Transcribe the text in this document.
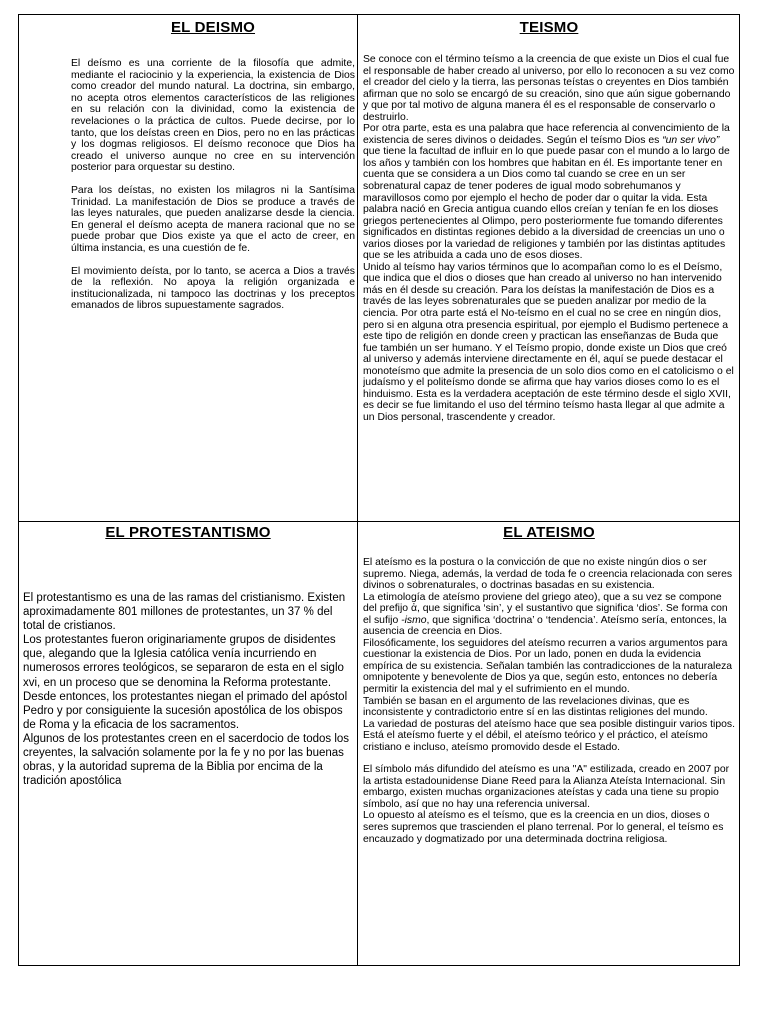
EL DEISMO

El deísmo es una corriente de la filosofía que admite, mediante el raciocinio y la experiencia, la existencia de Dios como creador del mundo natural. La doctrina, sin embargo, no acepta otros elementos característicos de las religiones en su relación con la divinidad, como la existencia de revelaciones o la práctica de cultos. Puede decirse, por lo tanto, que los deístas creen en Dios, pero no en las prácticas y los dogmas religiosos. El deísmo reconoce que Dios ha creado el universo aunque no cree en su intervención posterior para orquestar su destino.

Para los deístas, no existen los milagros ni la Santísima Trinidad. La manifestación de Dios se produce a través de las leyes naturales, que pueden analizarse desde la ciencia. En general el deísmo acepta de manera racional que no se puede probar que Dios existe ya que el acto de creer, en última instancia, es una cuestión de fe.

El movimiento deísta, por lo tanto, se acerca a Dios a través de la reflexión. No apoya la religión organizada e institucionalizada, ni tampoco las doctrinas y los preceptos emanados de libros supuestamente sagrados.

TEISMO

Se conoce con el término teísmo a la creencia de que existe un Dios el cual fue el responsable de haber creado al universo, por ello lo reconocen a su vez como el creador del cielo y la tierra, las personas teístas o creyentes en Dios también afirman que no solo se encargó de su creación, sino que aún sigue gobernando y que por tal motivo de alguna manera él es el responsable de conservarlo o destruirlo.

Por otra parte, esta es una palabra que hace referencia al convencimiento de la existencia de seres divinos o deidades. Según el teísmo Dios es “un ser vivo” que tiene la facultad de influir en lo que puede pasar con el mundo a lo largo de los años y también con los hombres que habitan en él. Es importante tener en cuenta que se considera a un Dios como tal cuando se cree en un ser sobrenatural capaz de tener poderes de igual modo sobrehumanos y maravillosos como por ejemplo el hecho de poder dar o quitar la vida. Esta palabra nació en Grecia antigua cuando ellos creían y tenían fe en los dioses griegos pertenecientes al Olimpo, pero posteriormente fue tomando diferentes significados en distintas regiones debido a la diversidad de creencias un uno o varios dioses por la variedad de religiones y también por las distintas aptitudes que se les atribuida a cada uno de esos dioses.

Unido al teísmo hay varios términos que lo acompañan como lo es el Deísmo, que indica que el dios o dioses que han creado al universo no han intervenido más en él desde su creación. Para los deístas la manifestación de Dios es a través de las leyes sobrenaturales que se pueden analizar por medio de la ciencia. Por otra parte está el No-teísmo en el cual no se cree en ningún dios, pero si en alguna otra presencia espiritual, por ejemplo el Budismo pertenece a este tipo de religión en donde creen y practican las enseñanzas de Buda que fue también un ser humano. Y el Teísmo propio, donde existe un Dios que creó al universo y además interviene directamente en él, aquí se puede destacar el monoteísmo que admite la presencia de un solo dios como en el catolicismo o el judaísmo y el politeísmo donde se afirma que hay varios dioses como lo es el hinduismo. Esta es la verdadera aceptación de este término desde el siglo XVII, es decir se fue limitando el uso del término teísmo hasta llegar al que admite a un Dios personal, trascendente y creador.

EL PROTESTANTISMO

El protestantismo es una de las ramas del cristianismo. Existen aproximadamente 801 millones de protestantes, un 37 % del total de cristianos.

Los protestantes fueron originariamente grupos de disidentes que, alegando que la Iglesia católica venía incurriendo en numerosos errores teológicos, se separaron de esta en el siglo xvi, en un proceso que se denomina la Reforma protestante. Desde entonces, los protestantes niegan el primado del apóstol Pedro y por consiguiente la sucesión apostólica de los obispos de Roma y la eficacia de los sacramentos.

Algunos de los protestantes creen en el sacerdocio de todos los creyentes, la salvación solamente por la fe y no por las buenas obras, y la autoridad suprema de la Biblia por encima de la tradición apostólica

EL ATEISMO

El ateísmo es la postura o la convicción de que no existe ningún dios o ser supremo. Niega, además, la verdad de toda fe o creencia relacionada con seres divinos o sobrenaturales, o doctrinas basadas en su existencia.

La etimología de ateísmo proviene del griego ateo), que a su vez se compone del prefijo ἀ, que significa ‘sin’, y el sustantivo que significa ‘dios’. Se forma con el sufijo -ismo, que significa ‘doctrina’ o ‘tendencia’. Ateísmo sería, entonces, la ausencia de creencia en Dios.

Filosóficamente, los seguidores del ateísmo recurren a varios argumentos para cuestionar la existencia de Dios. Por un lado, ponen en duda la evidencia empírica de su existencia. Señalan también las contradicciones de la naturaleza omnipotente y benevolente de Dios ya que, según esto, entonces no debería permitir la existencia del mal y el sufrimiento en el mundo.

También se basan en el argumento de las revelaciones divinas, que es inconsistente y contradictorio entre sí en las distintas religiones del mundo.

La variedad de posturas del ateísmo hace que sea posible distinguir varios tipos. Está el ateísmo fuerte y el débil, el ateísmo teórico y el práctico, el ateísmo cristiano e incluso, ateísmo promovido desde el Estado.

El símbolo más difundido del ateísmo es una "A" estilizada, creado en 2007 por la artista estadounidense Diane Reed para la Alianza Ateísta Internacional. Sin embargo, existen muchas organizaciones ateístas y cada una tiene su propio símbolo, así que no hay una referencia universal.

Lo opuesto al ateísmo es el teísmo, que es la creencia en un dios, dioses o seres supremos que trascienden el plano terrenal. Por lo general, el teísmo es encauzado y dogmatizado por una determinada doctrina religiosa.
